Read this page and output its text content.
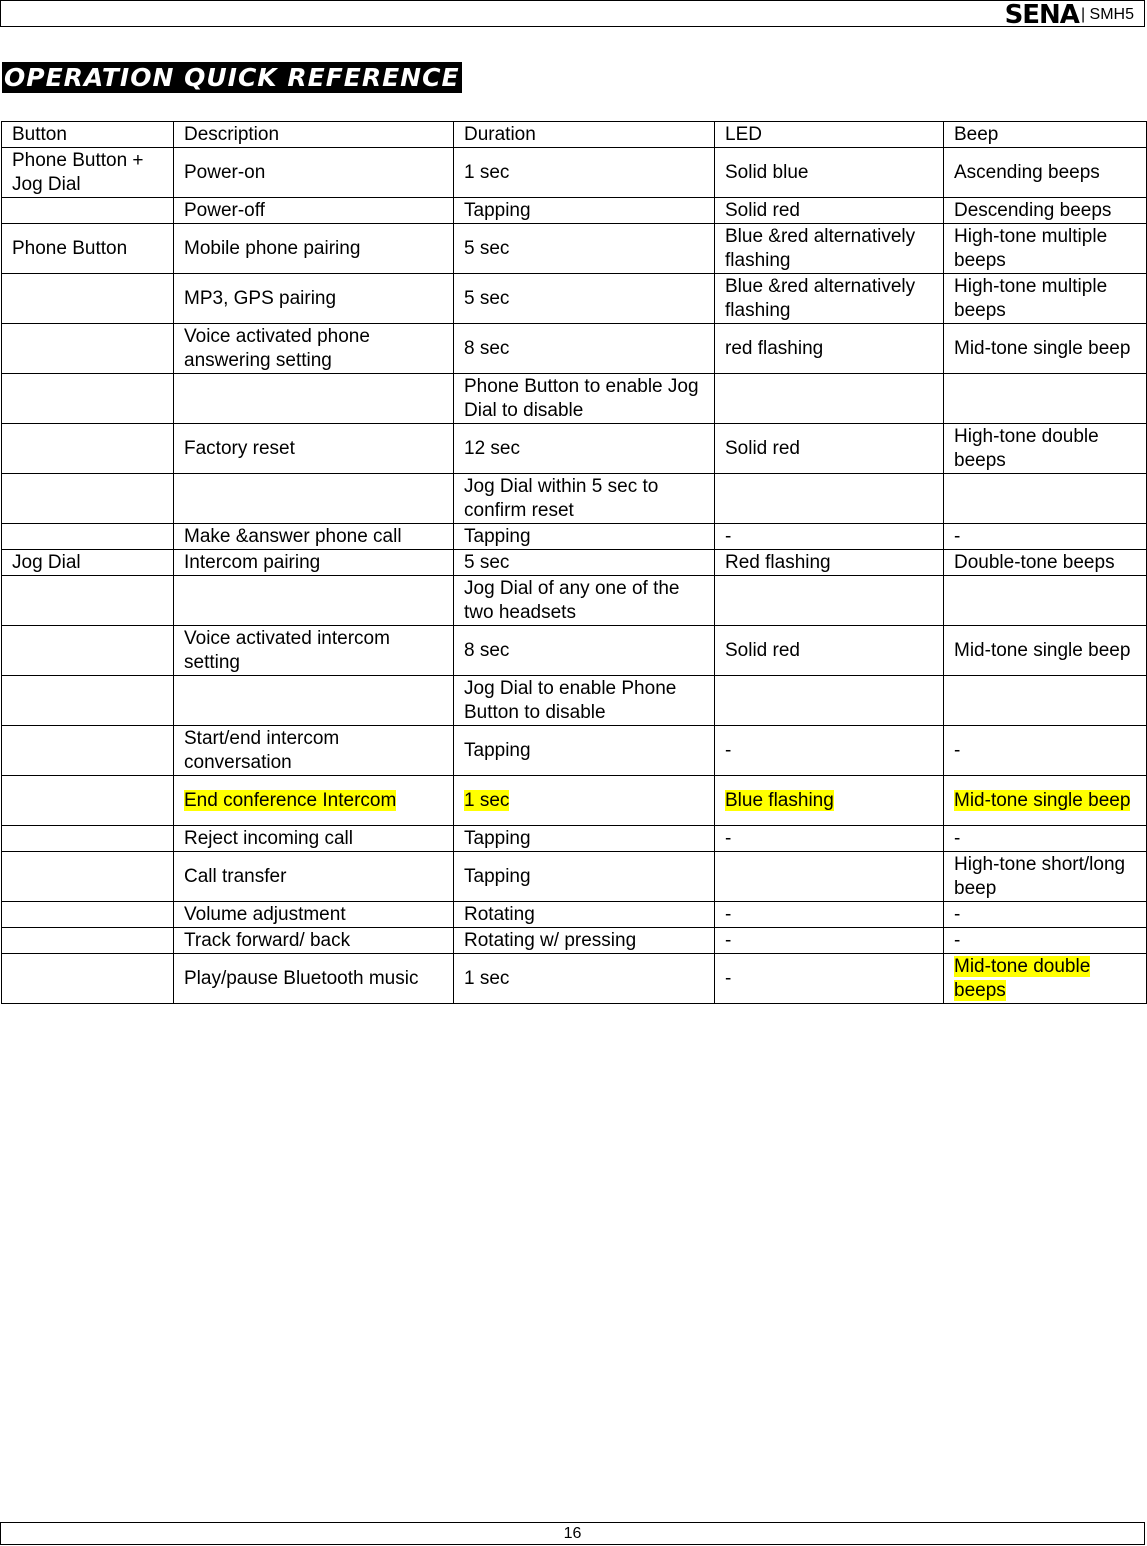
SENA | SMH5
OPERATION QUICK REFERENCE
Button	Description	Duration	LED	Beep
Phone Button + Jog Dial	Power-on	1 sec	Solid blue	Ascending beeps
	Power-off	Tapping	Solid red	Descending beeps
Phone Button	Mobile phone pairing	5 sec	Blue &red alternatively flashing	High-tone multiple beeps
	MP3, GPS pairing	5 sec	Blue &red alternatively flashing	High-tone multiple beeps
	Voice activated phone answering setting	8 sec	red flashing	Mid-tone single beep
		Phone Button to enable Jog Dial to disable		
	Factory reset	12 sec	Solid red	High-tone double beeps
		Jog Dial within 5 sec to confirm reset		
	Make &answer phone call	Tapping	-	-
Jog Dial	Intercom pairing	5 sec	Red flashing	Double-tone beeps
		Jog Dial of any one of the two headsets		
	Voice activated intercom setting	8 sec	Solid red	Mid-tone single beep
		Jog Dial to enable Phone Button to disable		
	Start/end intercom conversation	Tapping	-	-
	End conference Intercom	1 sec	Blue flashing	Mid-tone single beep
	Reject incoming call	Tapping	-	-
	Call transfer	Tapping		High-tone short/long beep
	Volume adjustment	Rotating	-	-
	Track forward/ back	Rotating w/ pressing	-	-
	Play/pause Bluetooth music	1 sec	-	Mid-tone double beeps
16
